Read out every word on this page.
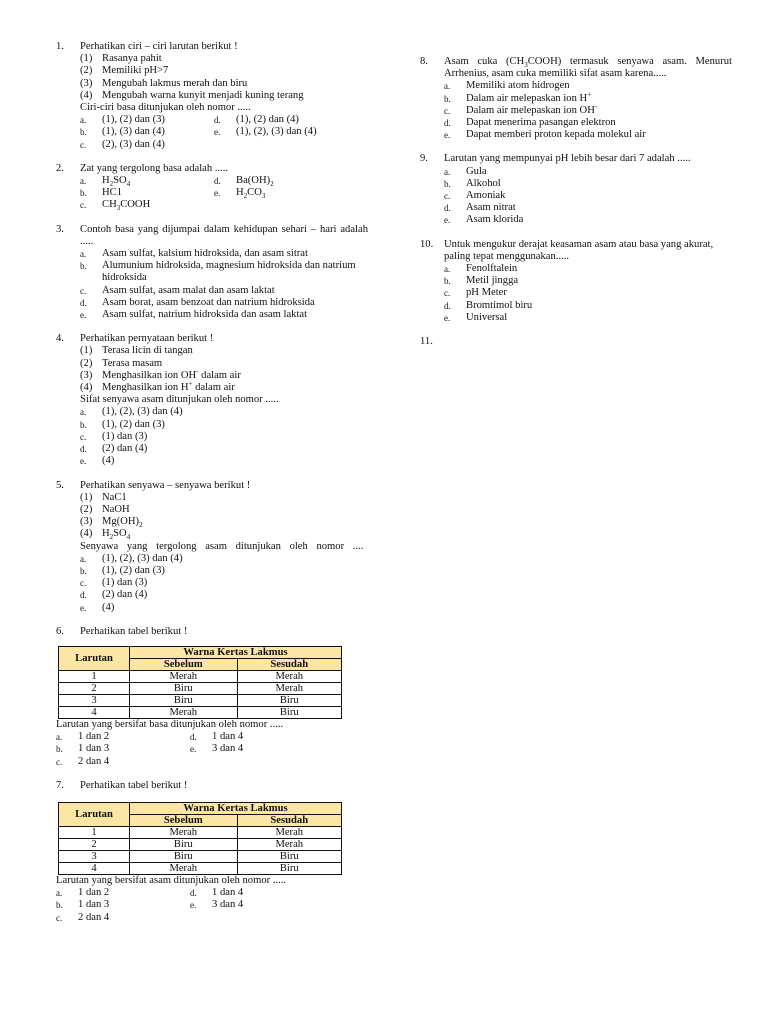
1.	Perhatikan ciri – ciri larutan berikut !
(1) Rasanya pahit
(2) Memiliki pH>7
(3) Mengubah lakmus merah dan biru
(4) Mengubah warna kunyit menjadi kuning terang
Ciri-ciri basa ditunjukan oleh nomor .....
a.	(1), (2) dan (3)	d.	(1), (2) dan (4)
b.	(1), (3) dan (4)	e.	(1), (2), (3) dan (4)
c.	(2), (3) dan (4)
2.	Zat yang tergolong basa adalah .....
a.	$H_2SO_4$	d.	$Ba(OH)_2$
b.	HC1	e.	$H_2CO_3$
c.	$CH_3COOH$
3.	Contoh basa yang dijumpai dalam kehidupan sehari – hari adalah .....
a.	Asam sulfat, kalsium hidroksida, dan asam sitrat
b.	Alumunium hidroksida, magnesium hidroksida dan natrium hidroksida
c.	Asam sulfat, asam malat dan asam laktat
d.	Asam borat, asam benzoat dan natrium hidroksida
e.	Asam sulfat, natrium hidroksida dan asam laktat
4.	Perhatikan pernyataan berikut !
(1) Terasa licin di tangan
(2) Terasa masam
(3) Menghasilkan ion OH- dalam air
(4) Menghasilkan ion H+ dalam air
Sifat senyawa asam ditunjukan oleh nomor .....
a.	(1), (2), (3) dan (4)
b.	(1), (2) dan (3)
c.	(1) dan (3)
d.	(2) dan (4)
e.	(4)
5.	Perhatikan senyawa – senyawa berikut !
(1) NaC1
(2) NaOH
(3) $Mg(OH)_2$
(4) $H_2SO_4$
Senyawa yang tergolong asam ditunjukan oleh nomor ....
a.	(1), (2), (3) dan (4)
b.	(1), (2) dan (3)
c.	(1) dan (3)
d.	(2) dan (4)
e.	(4)
6.	Perhatikan tabel berikut !
Larutan	Warna Kertas Lakmus	
	Sebelum	Sesudah
1	Merah	Merah
2	Biru	Merah
3	Biru	Biru
4	Merah	Biru
Larutan yang bersifat basa ditunjukan oleh nomor .....
a.	1 dan 2	d.	1 dan 4
b.	1 dan 3	e.	3 dan 4
c.	2 dan 4
7.	Perhatikan tabel berikut !
Larutan	Warna Kertas Lakmus	
	Sebelum	Sesudah
1	Merah	Merah
2	Biru	Merah
3	Biru	Biru
4	Merah	Biru
Larutan yang bersifat asam ditunjukan oleh nomor .....
a.	1 dan 2	d.	1 dan 4
b.	1 dan 3	e.	3 dan 4
c.	2 dan 4
8.	Asam cuka $(CH_3COOH)$ termasuk senyawa asam. Menurut Arrhenius, asam cuka memiliki sifat asam karena.....
a.	Memiliki atom hidrogen
b.	Dalam air melepaskan ion H+
c.	Dalam air melepaskan ion OH-
d.	Dapat menerima pasangan elektron
e.	Dapat memberi proton kepada molekul air
9.	Larutan yang mempunyai pH lebih besar dari 7 adalah .....
a.	Gula
b.	Alkohol
c.	Amoniak
d.	Asam nitrat
e.	Asam klorida
10.	Untuk mengukur derajat keasaman asam atau basa yang akurat, paling tepat menggunakan.....
a.	Fenolftalein
b.	Metil jingga
c.	pH Meter
d.	Bromtimol biru
e.	Universal
11.
